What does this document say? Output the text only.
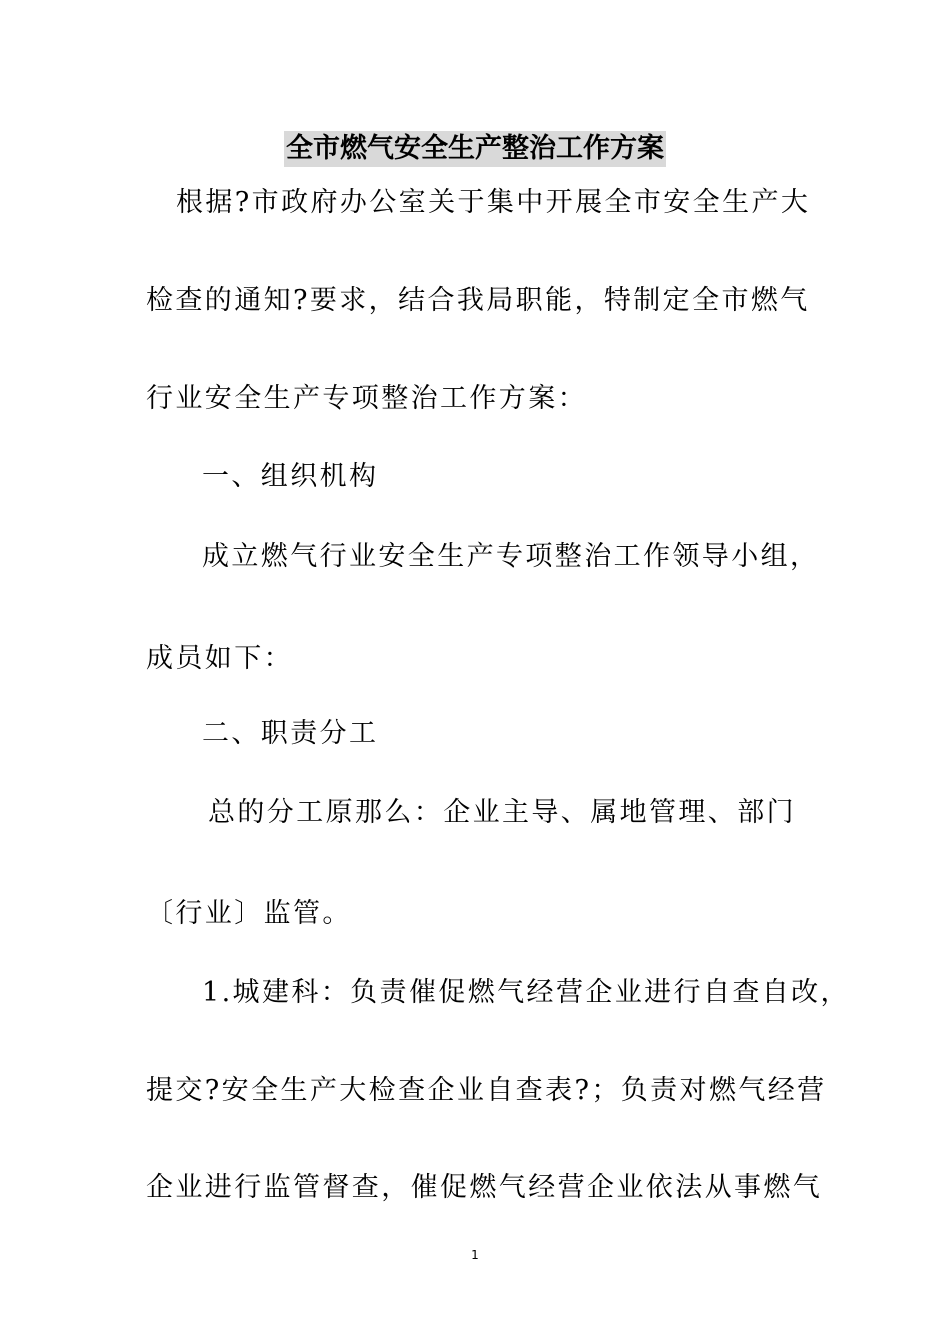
全市燃气安全生产整治工作方案
根据?市政府办公室关于集中开展全市安全生产大
检查的通知?要求，结合我局职能，特制定全市燃气
行业安全生产专项整治工作方案：
一、组织机构
成立燃气行业安全生产专项整治工作领导小组，
成员如下：
二、职责分工
总的分工原那么：企业主导、属地管理、部门
〔行业〕监管。
1.城建科：负责催促燃气经营企业进行自查自改，
提交?安全生产大检查企业自查表?；负责对燃气经营
企业进行监管督查，催促燃气经营企业依法从事燃气
1
